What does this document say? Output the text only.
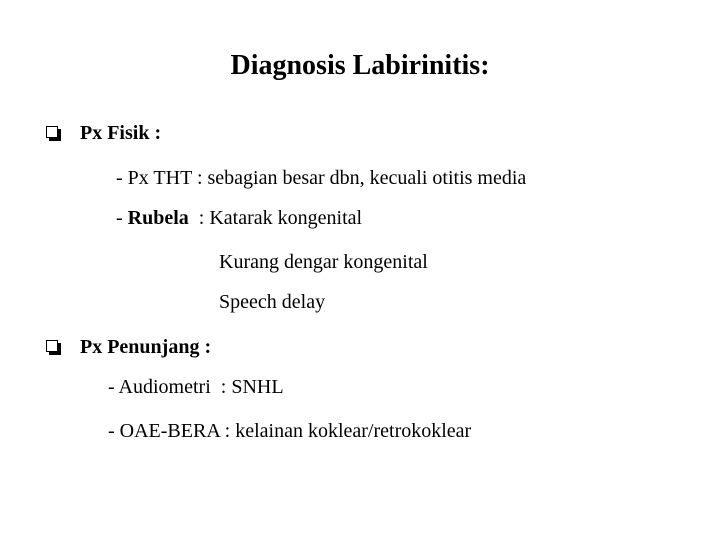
Diagnosis Labirinitis:
Px Fisik :
- Px THT : sebagian besar dbn, kecuali otitis media
- Rubela  : Katarak kongenital
Kurang dengar kongenital
Speech delay
Px Penunjang :
- Audiometri  : SNHL
- OAE-BERA : kelainan koklear/retrokoklear
